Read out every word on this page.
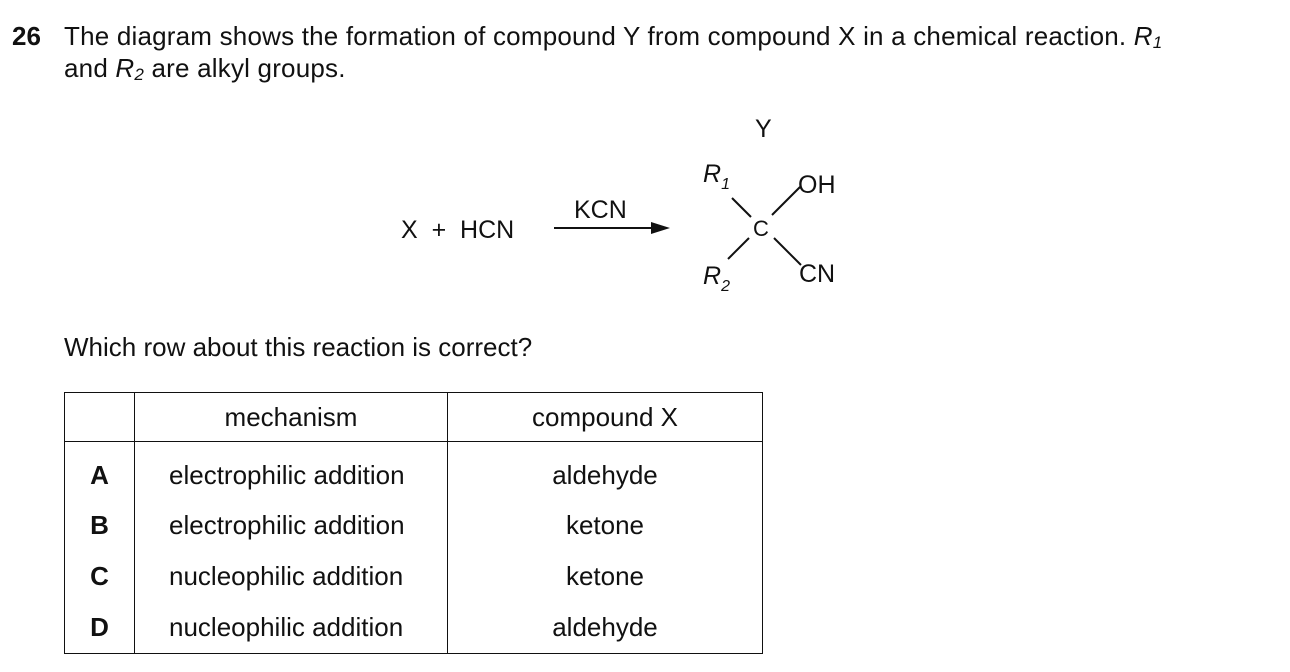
26 The diagram shows the formation of compound Y from compound X in a chemical reaction. $R_1$
and $R_2$ are alkyl groups.
X  +  HCN
KCN
Y
$R_1$
$R_2$
OH
CN
C
Which row about this reaction is correct?
	mechanism	compound X
A	electrophilic addition	aldehyde
B	electrophilic addition	ketone
C	nucleophilic addition	ketone
D	nucleophilic addition	aldehyde
